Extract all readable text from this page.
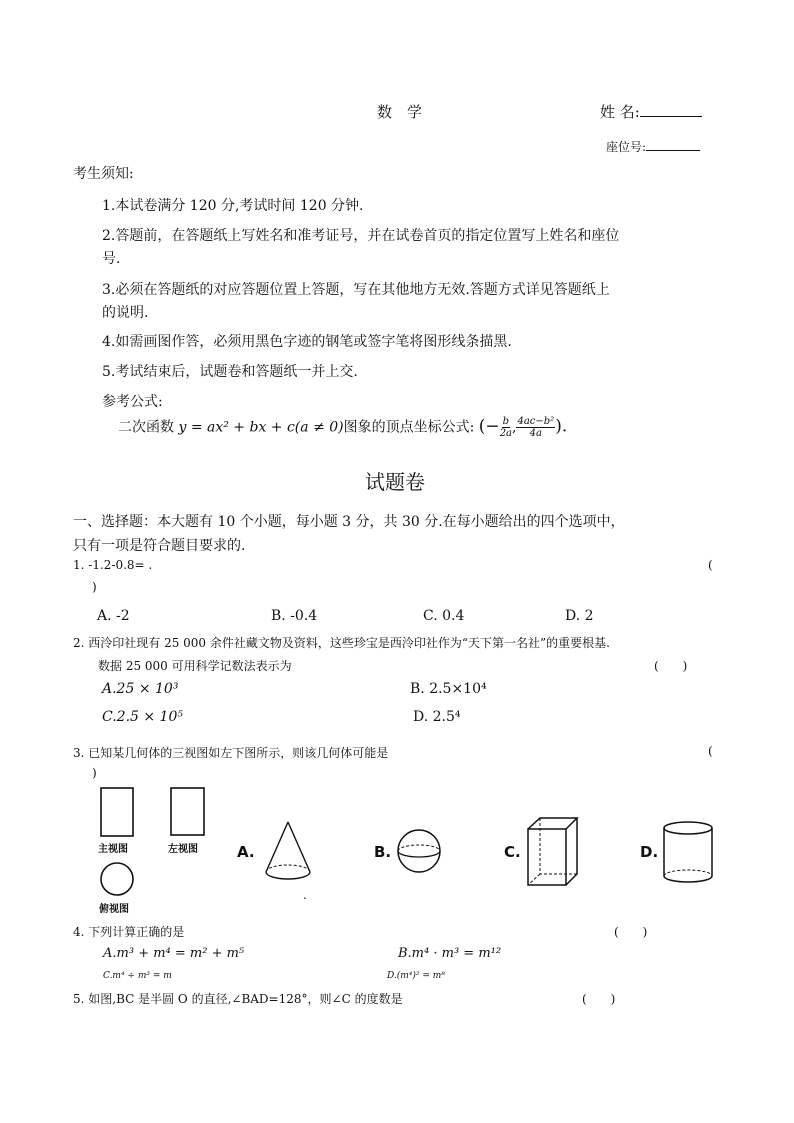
数　学	姓 名:
座位号:
考生须知:
1.本试卷满分 120 分,考试时间 120 分钟.
2.答题前，在答题纸上写姓名和准考证号，并在试卷首页的指定位置写上姓名和座位
号.
3.必须在答题纸的对应答题位置上答题，写在其他地方无效.答题方式详见答题纸上
的说明.
4.如需画图作答，必须用黑色字迹的钢笔或签字笔将图形线条描黑.
5.考试结束后，试题卷和答题纸一并上交.
参考公式:
二次函数 y = ax² + bx + c(a ≠ 0)图象的顶点坐标公式: (− $\frac{b}{2a}$ , $\frac{\text{4ac−b²}}{4a}$ ).
试题卷
一、选择题：本大题有 10 个小题，每小题 3 分，共 30 分.在每小题给出的四个选项中，
只有一项是符合题目要求的.
1. -1.2-0.8= .	(
)
A. -2	B. -0.4	C. 0.4	D. 2
2. 西泠印社现有 25 000 余件社藏文物及资料，这些珍宝是西泠印社作为“天下第一名社”的重要根基.
数据 25 000 可用科学记数法表示为	(　　)
A.25 × 10³	B. 2.5×10⁴
C.2.5 × 10⁵	D. 2.5⁴
3. 已知某几何体的三视图如左下图所示，则该几何体可能是	(
)
主视图	左视图
俯视图
A.
.
B.	C.	D.
4. 下列计算正确的是	(　　)
A.m³ + m⁴ = m² + m⁵	B.m⁴ · m³ = m¹²
C.m⁴ ÷ m³ = m	D.(m⁴)² = m⁸
5. 如图,BC 是半圆 O 的直径,∠BAD=128°，则∠C 的度数是	(　　)
